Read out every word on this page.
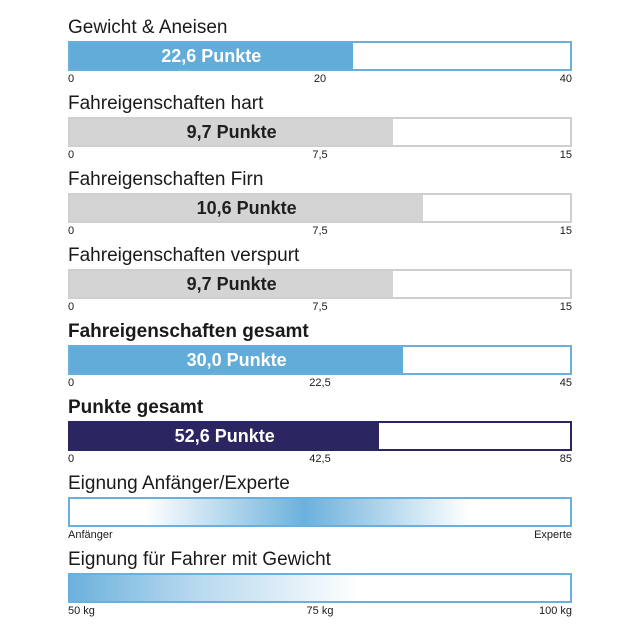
Gewicht & Aneisen
22,6 Punkte
0	20	40
Fahreigenschaften hart
9,7 Punkte
0	7,5	15
Fahreigenschaften Firn
10,6 Punkte
0	7,5	15
Fahreigenschaften verspurt
9,7 Punkte
0	7,5	15
Fahreigenschaften gesamt
30,0 Punkte
0	22,5	45
Punkte gesamt
52,6 Punkte
0	42,5	85
Eignung Anfänger/Experte
Anfänger	Experte
Eignung für Fahrer mit Gewicht
50 kg	75 kg	100 kg
